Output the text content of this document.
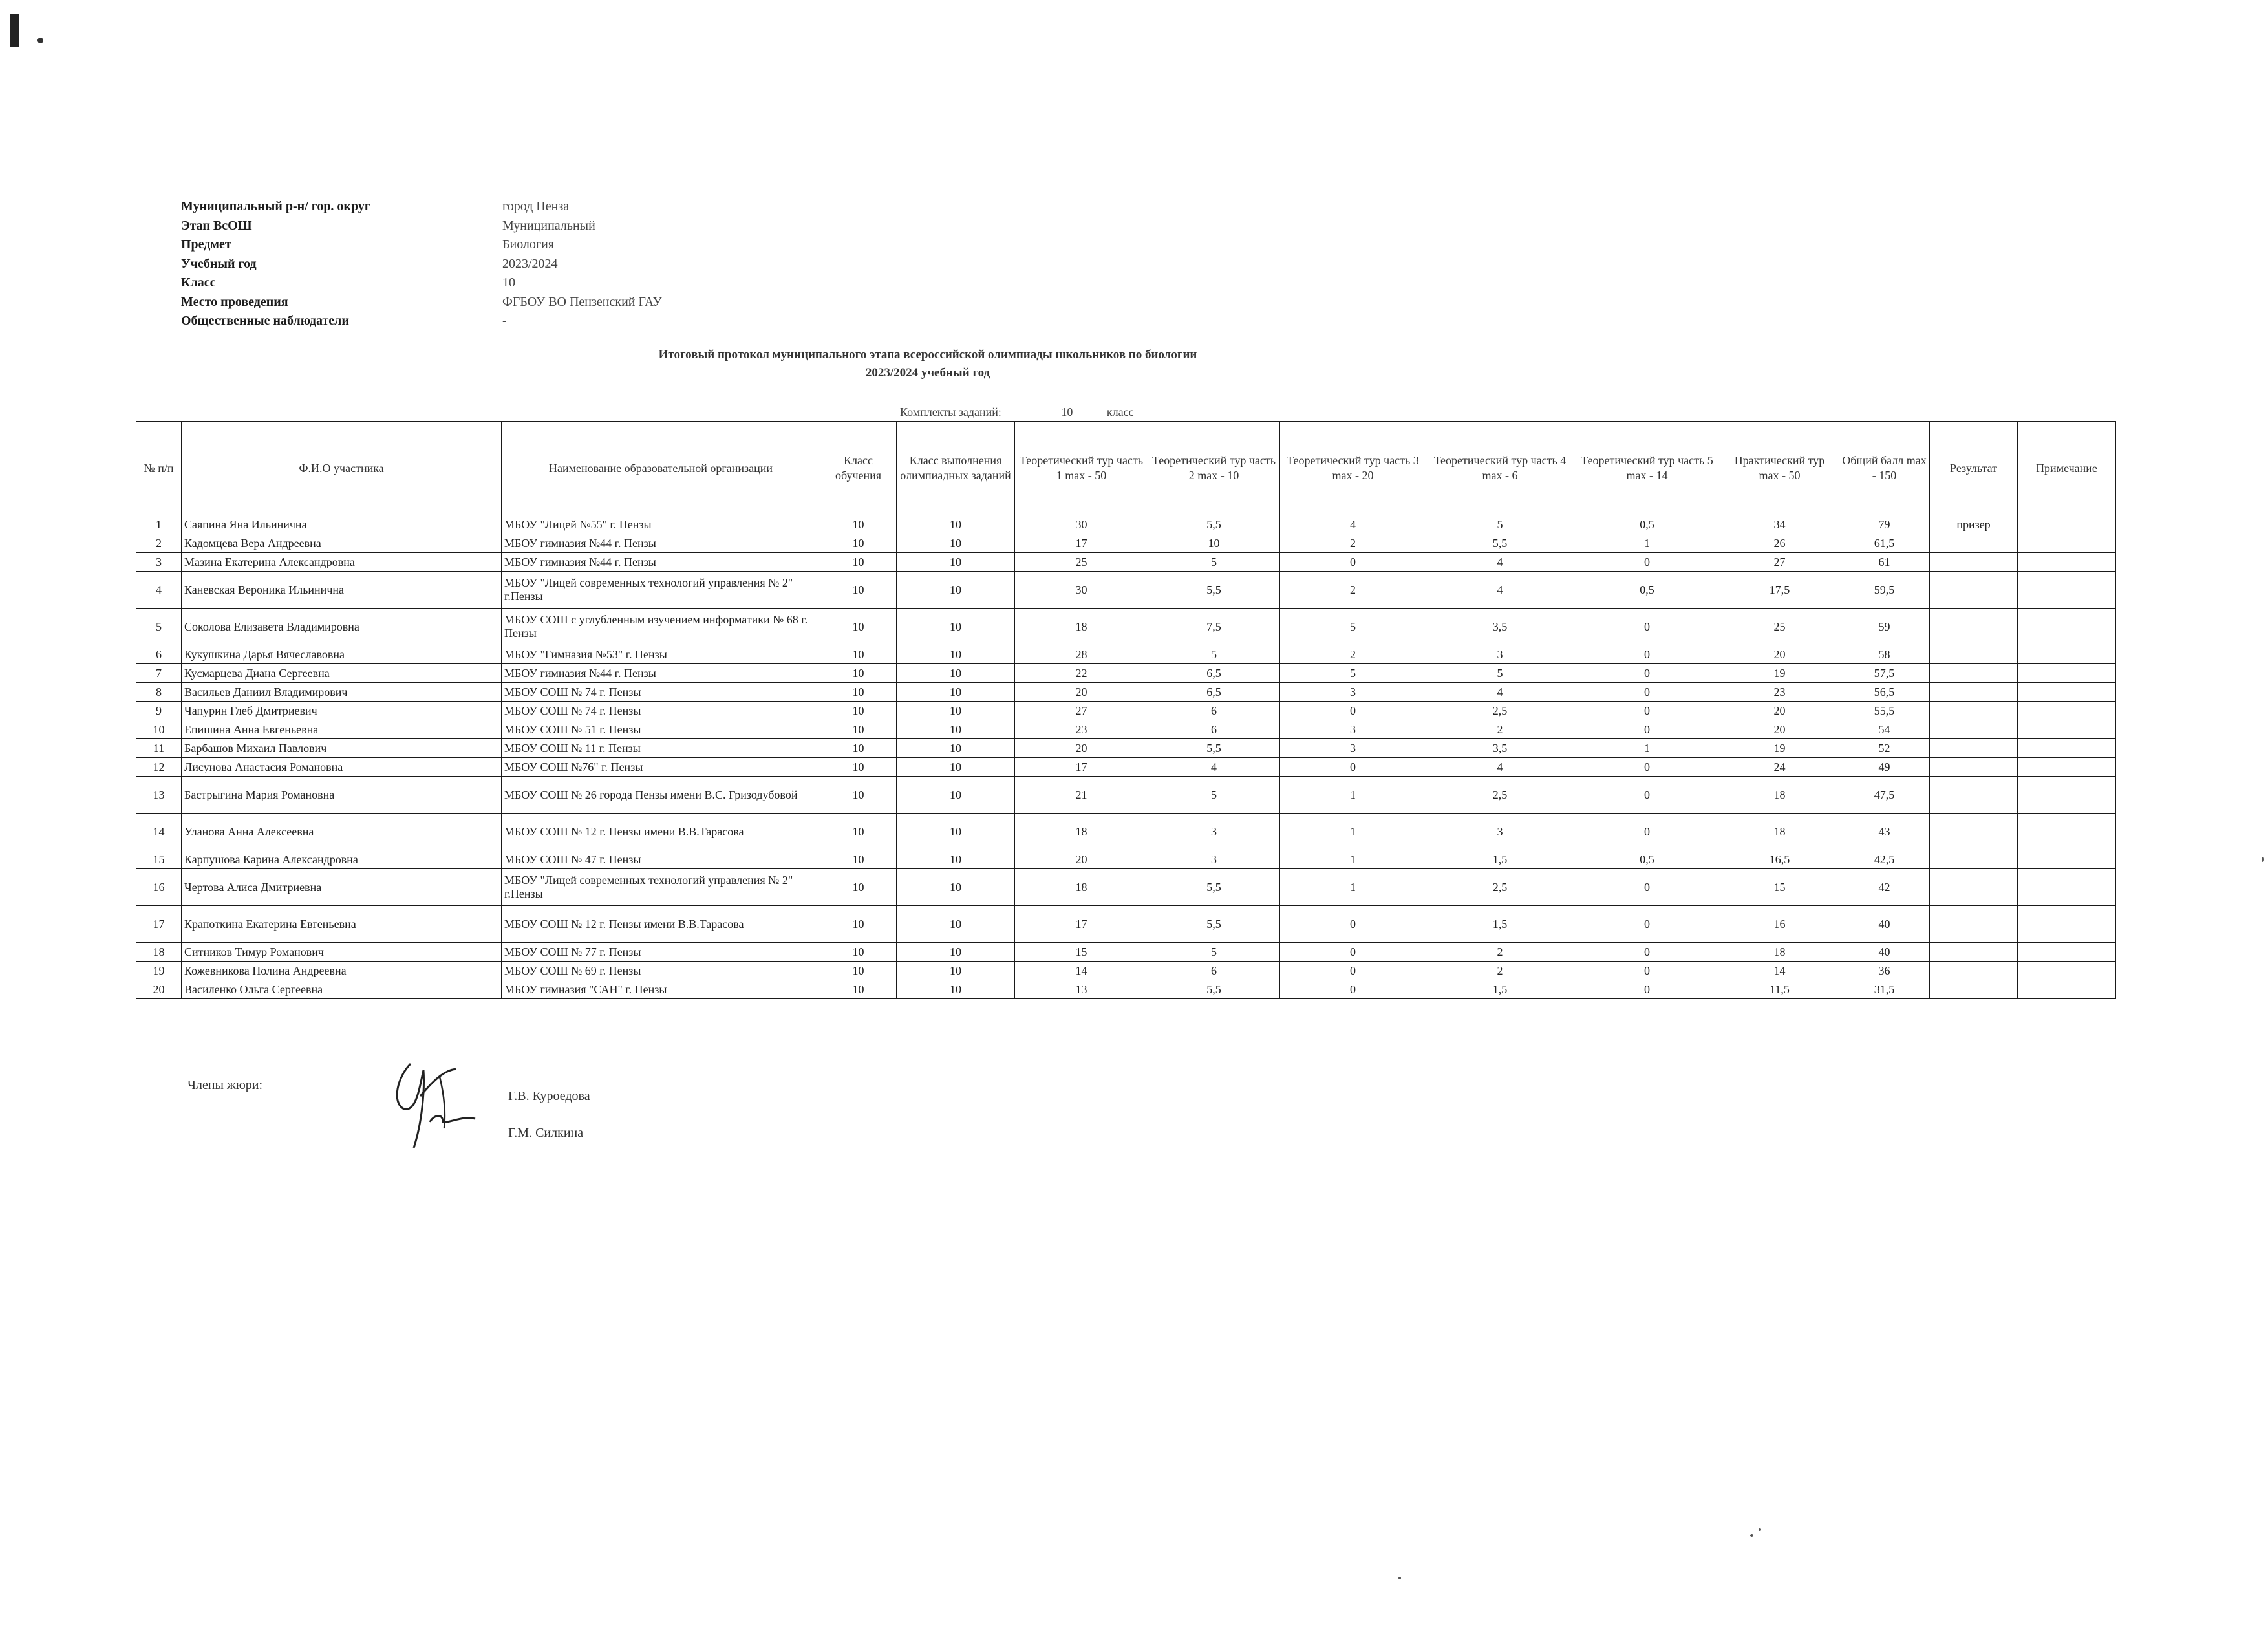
Муниципальный р-н/ гор. округ	город Пенза
Этап ВсОШ	Муниципальный
Предмет	Биология
Учебный год	2023/2024
Класс	10
Место проведения	ФГБОУ ВО Пензенский ГАУ
Общественные наблюдатели	-
Итоговый протокол муниципального этапа всероссийской олимпиады школьников по биологии
2023/2024 учебный год
Комплекты заданий:	10	класс
№ п/п	Ф.И.О участника	Наименование образовательной организации	Класс обучения	Класс выполнения олимпиадных заданий	Теоретический тур часть 1 max - 50	Теоретический тур часть 2 max - 10	Теоретический тур часть 3 max - 20	Теоретический тур часть 4 max - 6	Теоретический тур часть 5 max - 14	Практический тур max - 50	Общий балл max - 150	Результат	Примечание
1	Саяпина Яна Ильинична	МБОУ "Лицей №55" г. Пензы	10	10	30	5,5	4	5	0,5	34	79	призер	
2	Кадомцева Вера Андреевна	МБОУ гимназия №44 г. Пензы	10	10	17	10	2	5,5	1	26	61,5		
3	Мазина Екатерина Александровна	МБОУ гимназия №44 г. Пензы	10	10	25	5	0	4	0	27	61		
4	Каневская Вероника Ильинична	МБОУ "Лицей современных технологий управления № 2" г.Пензы	10	10	30	5,5	2	4	0,5	17,5	59,5		
5	Соколова Елизавета Владимировна	МБОУ СОШ с углубленным изучением информатики № 68 г. Пензы	10	10	18	7,5	5	3,5	0	25	59		
6	Кукушкина Дарья Вячеславовна	МБОУ "Гимназия №53" г. Пензы	10	10	28	5	2	3	0	20	58		
7	Кусмарцева Диана Сергеевна	МБОУ гимназия №44 г. Пензы	10	10	22	6,5	5	5	0	19	57,5		
8	Васильев Даниил Владимирович	МБОУ СОШ № 74 г. Пензы	10	10	20	6,5	3	4	0	23	56,5		
9	Чапурин Глеб Дмитриевич	МБОУ СОШ № 74 г. Пензы	10	10	27	6	0	2,5	0	20	55,5		
10	Епишина Анна Евгеньевна	МБОУ СОШ № 51 г. Пензы	10	10	23	6	3	2	0	20	54		
11	Барбашов Михаил Павлович	МБОУ СОШ № 11 г. Пензы	10	10	20	5,5	3	3,5	1	19	52		
12	Лисунова Анастасия Романовна	МБОУ СОШ №76" г. Пензы	10	10	17	4	0	4	0	24	49		
13	Бастрыгина Мария Романовна	МБОУ СОШ № 26 города Пензы имени В.С. Гризодубовой	10	10	21	5	1	2,5	0	18	47,5		
14	Уланова Анна Алексеевна	МБОУ СОШ № 12 г. Пензы имени В.В.Тарасова	10	10	18	3	1	3	0	18	43		
15	Карпушова Карина Александровна	МБОУ СОШ № 47 г. Пензы	10	10	20	3	1	1,5	0,5	16,5	42,5		
16	Чертова Алиса Дмитриевна	МБОУ "Лицей современных технологий управления № 2" г.Пензы	10	10	18	5,5	1	2,5	0	15	42		
17	Крапоткина Екатерина Евгеньевна	МБОУ СОШ № 12 г. Пензы имени В.В.Тарасова	10	10	17	5,5	0	1,5	0	16	40		
18	Ситников Тимур Романович	МБОУ СОШ № 77 г. Пензы	10	10	15	5	0	2	0	18	40		
19	Кожевникова Полина Андреевна	МБОУ СОШ № 69 г. Пензы	10	10	14	6	0	2	0	14	36		
20	Василенко Ольга Сергеевна	МБОУ гимназия "САН" г. Пензы	10	10	13	5,5	0	1,5	0	11,5	31,5		
Члены жюри:
Г.В. Куроедова
Г.М. Силкина
